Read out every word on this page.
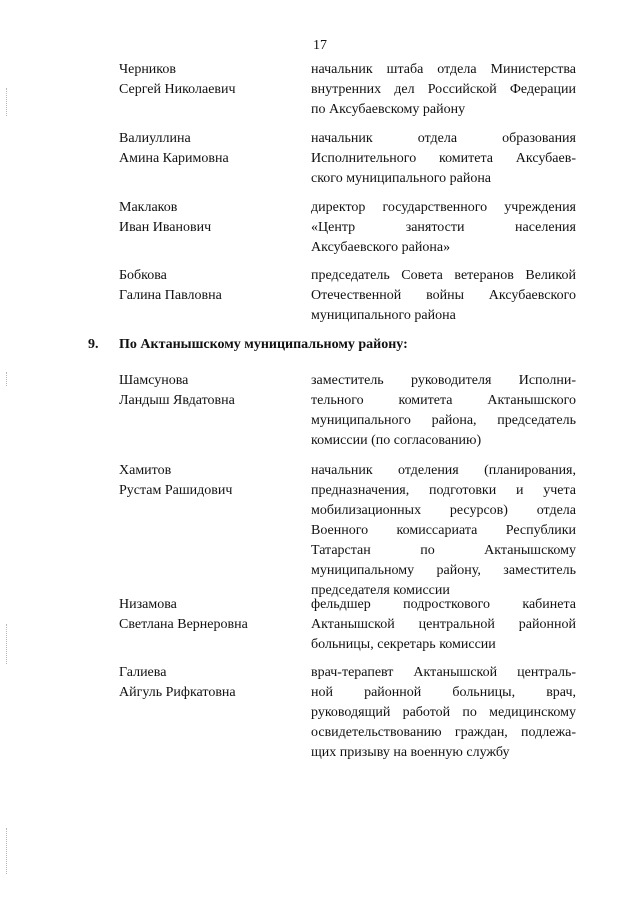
17
Черников
Сергей Николаевич
начальник штаба отдела Министерства
внутренних дел Российской Федерации
по Аксубаевскому району
Валиуллина
Амина Каримовна
начальник отдела образования
Исполнительного комитета Аксубаев-
ского муниципального района
Маклаков
Иван Иванович
директор государственного учреждения
«Центр занятости населения
Аксубаевского района»
Бобкова
Галина Павловна
председатель Совета ветеранов Великой
Отечественной войны Аксубаевского
муниципального района
9. По Актанышскому муниципальному району:
Шамсунова
Ландыш Явдатовна
заместитель руководителя Исполни-
тельного комитета Актанышского
муниципального района, председатель
комиссии (по согласованию)
Хамитов
Рустам Рашидович
начальник отделения (планирования,
предназначения, подготовки и учета
мобилизационных ресурсов) отдела
Военного комиссариата Республики
Татарстан по Актанышскому
муниципальному району, заместитель
председателя комиссии
Низамова
Светлана Вернеровна
фельдшер подросткового кабинета
Актанышской центральной районной
больницы, секретарь комиссии
Галиева
Айгуль Рифкатовна
врач-терапевт Актанышской централь-
ной районной больницы, врач,
руководящий работой по медицинскому
освидетельствованию граждан, подлежа-
щих призыву на военную службу
